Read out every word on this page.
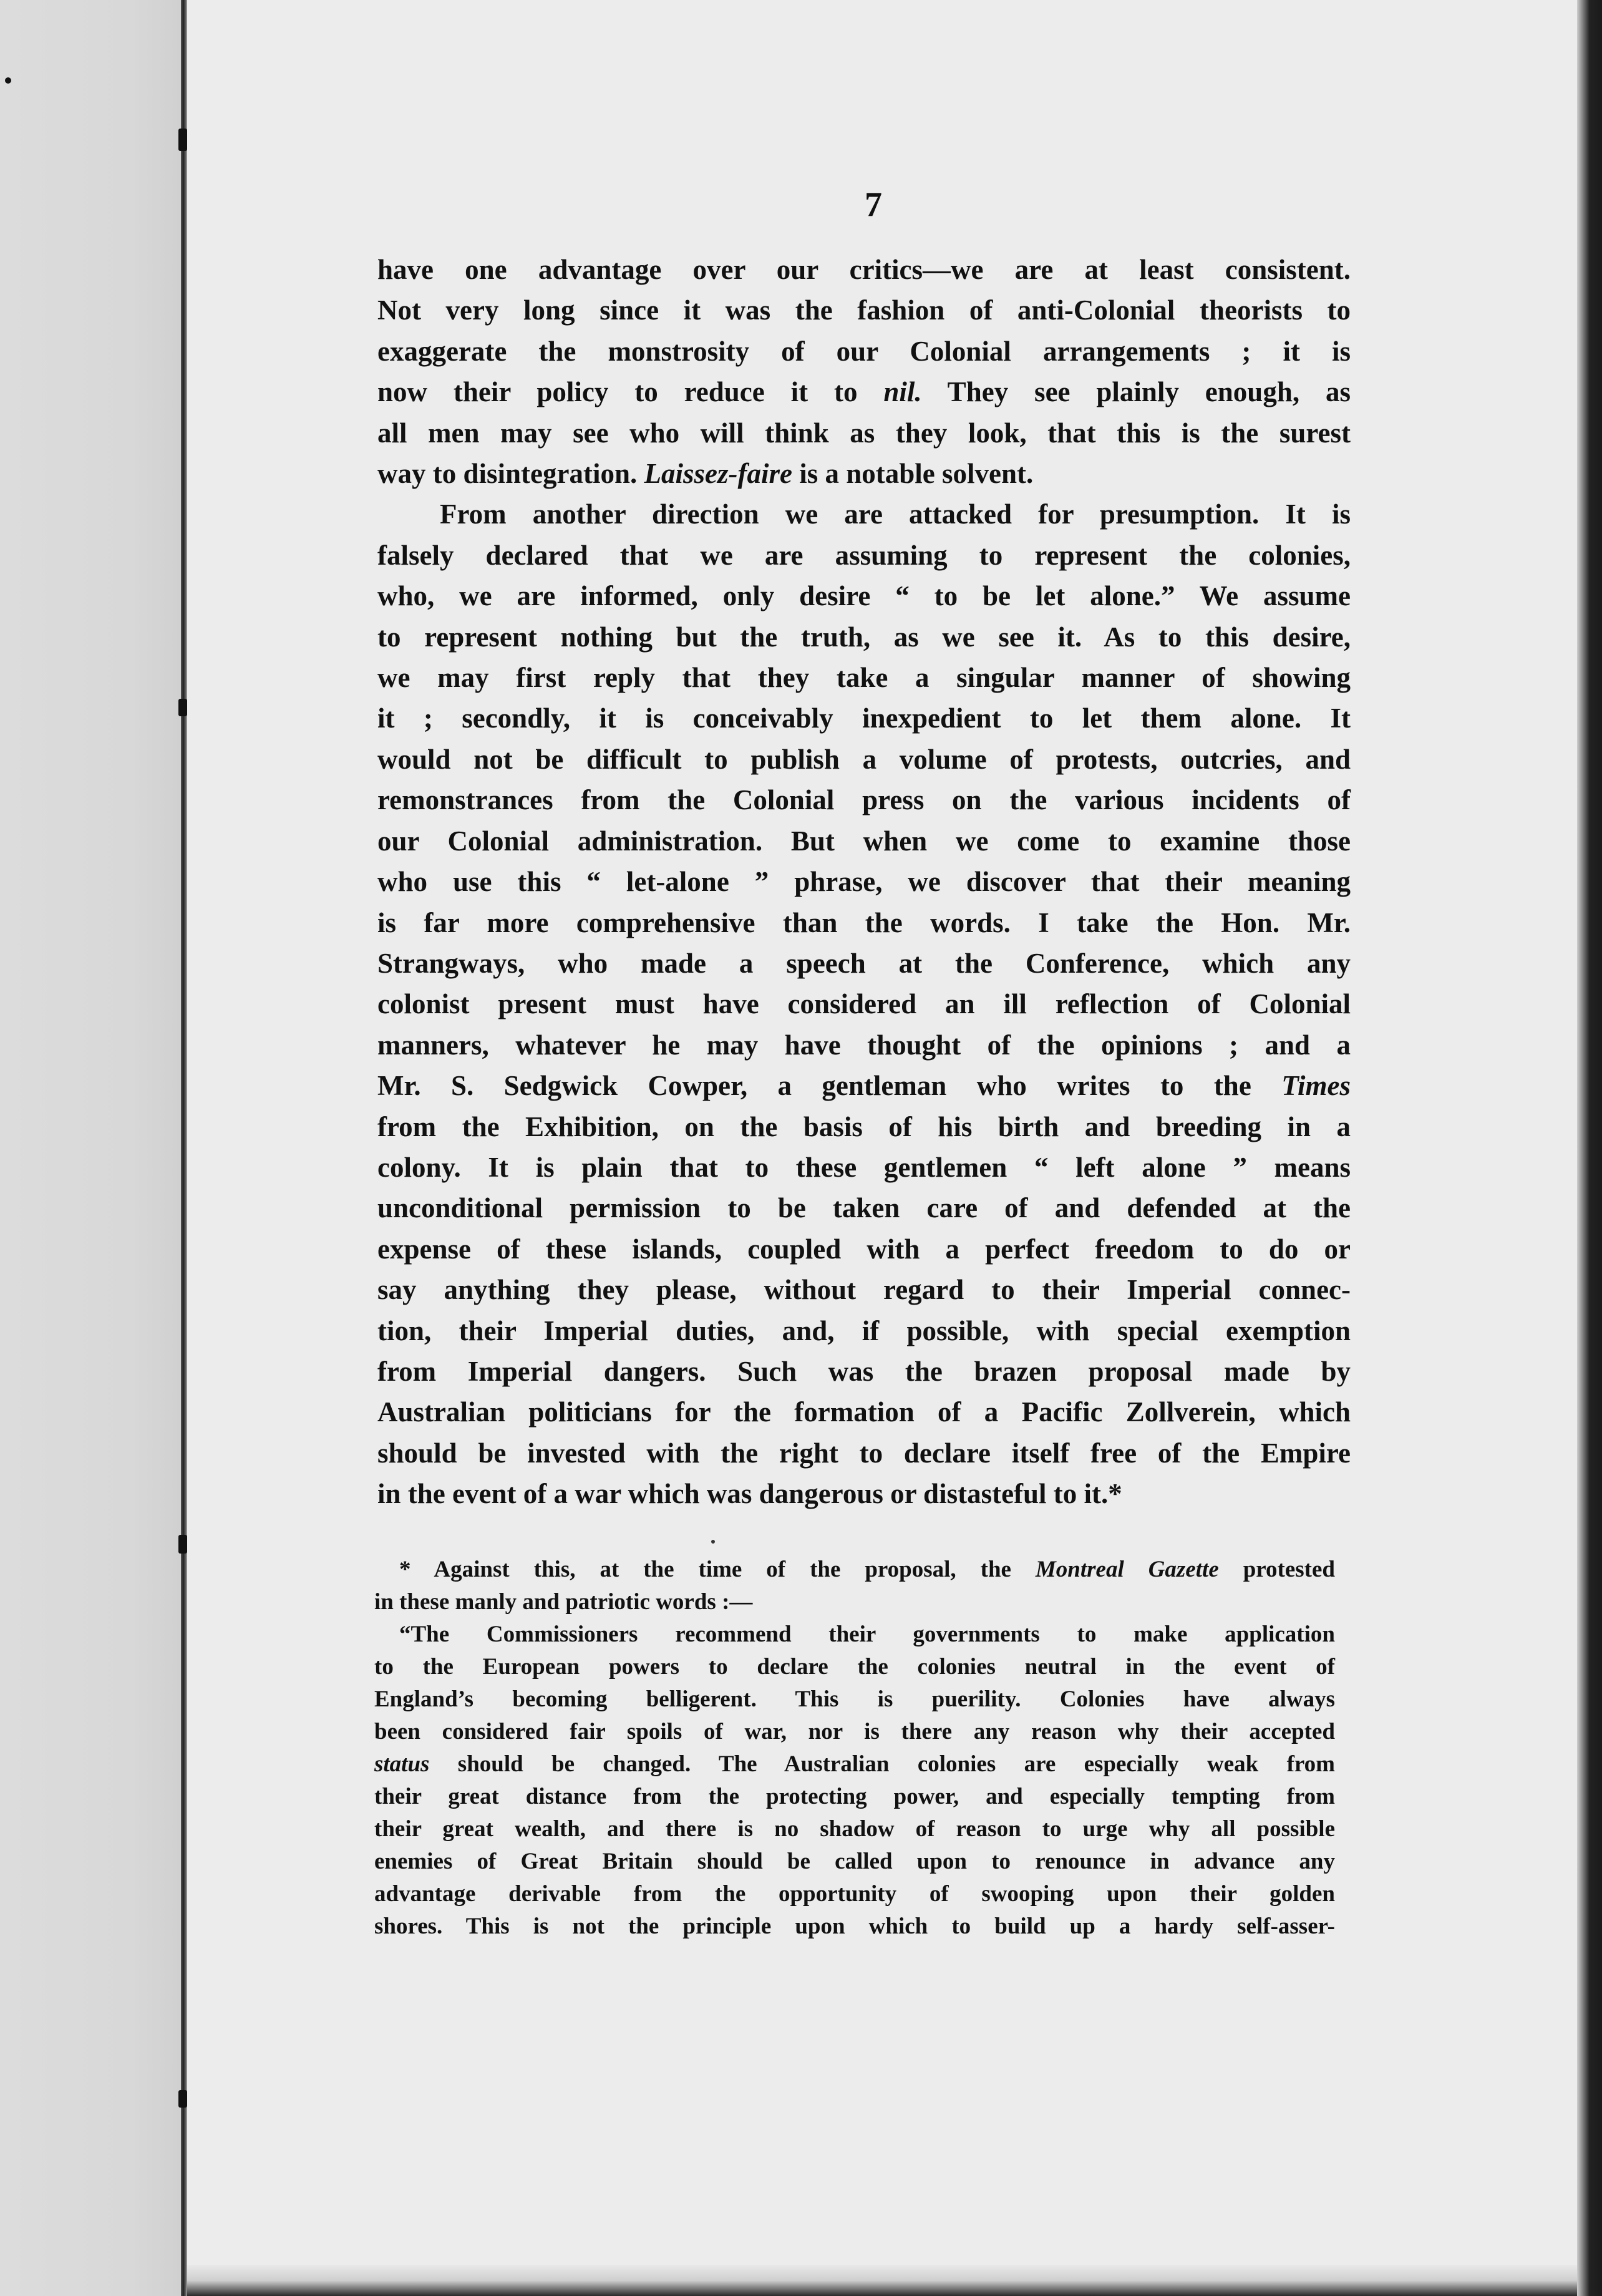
7
have one advantage over our critics—we are at least consistent.
Not very long since it was the fashion of anti-Colonial theorists to
exaggerate the monstrosity of our Colonial arrangements ; it is
now their policy to reduce it to nil. They see plainly enough, as
all men may see who will think as they look, that this is the surest
way to disintegration. Laissez-faire is a notable solvent.
From another direction we are attacked for presumption. It is
falsely declared that we are assuming to represent the colonies,
who, we are informed, only desire “ to be let alone.” We assume
to represent nothing but the truth, as we see it. As to this desire,
we may first reply that they take a singular manner of showing
it ; secondly, it is conceivably inexpedient to let them alone. It
would not be difficult to publish a volume of protests, outcries, and
remonstrances from the Colonial press on the various incidents of
our Colonial administration. But when we come to examine those
who use this “ let-alone ” phrase, we discover that their meaning
is far more comprehensive than the words. I take the Hon. Mr.
Strangways, who made a speech at the Conference, which any
colonist present must have considered an ill reflection of Colonial
manners, whatever he may have thought of the opinions ; and a
Mr. S. Sedgwick Cowper, a gentleman who writes to the Times
from the Exhibition, on the basis of his birth and breeding in a
colony. It is plain that to these gentlemen “ left alone ” means
unconditional permission to be taken care of and defended at the
expense of these islands, coupled with a perfect freedom to do or
say anything they please, without regard to their Imperial connec-
tion, their Imperial duties, and, if possible, with special exemption
from Imperial dangers. Such was the brazen proposal made by
Australian politicians for the formation of a Pacific Zollverein, which
should be invested with the right to declare itself free of the Empire
in the event of a war which was dangerous or distasteful to it.*
* Against this, at the time of the proposal, the Montreal Gazette protested
in these manly and patriotic words :—
“The Commissioners recommend their governments to make application
to the European powers to declare the colonies neutral in the event of
England’s becoming belligerent. This is puerility. Colonies have always
been considered fair spoils of war, nor is there any reason why their accepted
status should be changed. The Australian colonies are especially weak from
their great distance from the protecting power, and especially tempting from
their great wealth, and there is no shadow of reason to urge why all possible
enemies of Great Britain should be called upon to renounce in advance any
advantage derivable from the opportunity of swooping upon their golden
shores. This is not the principle upon which to build up a hardy self-asser-
